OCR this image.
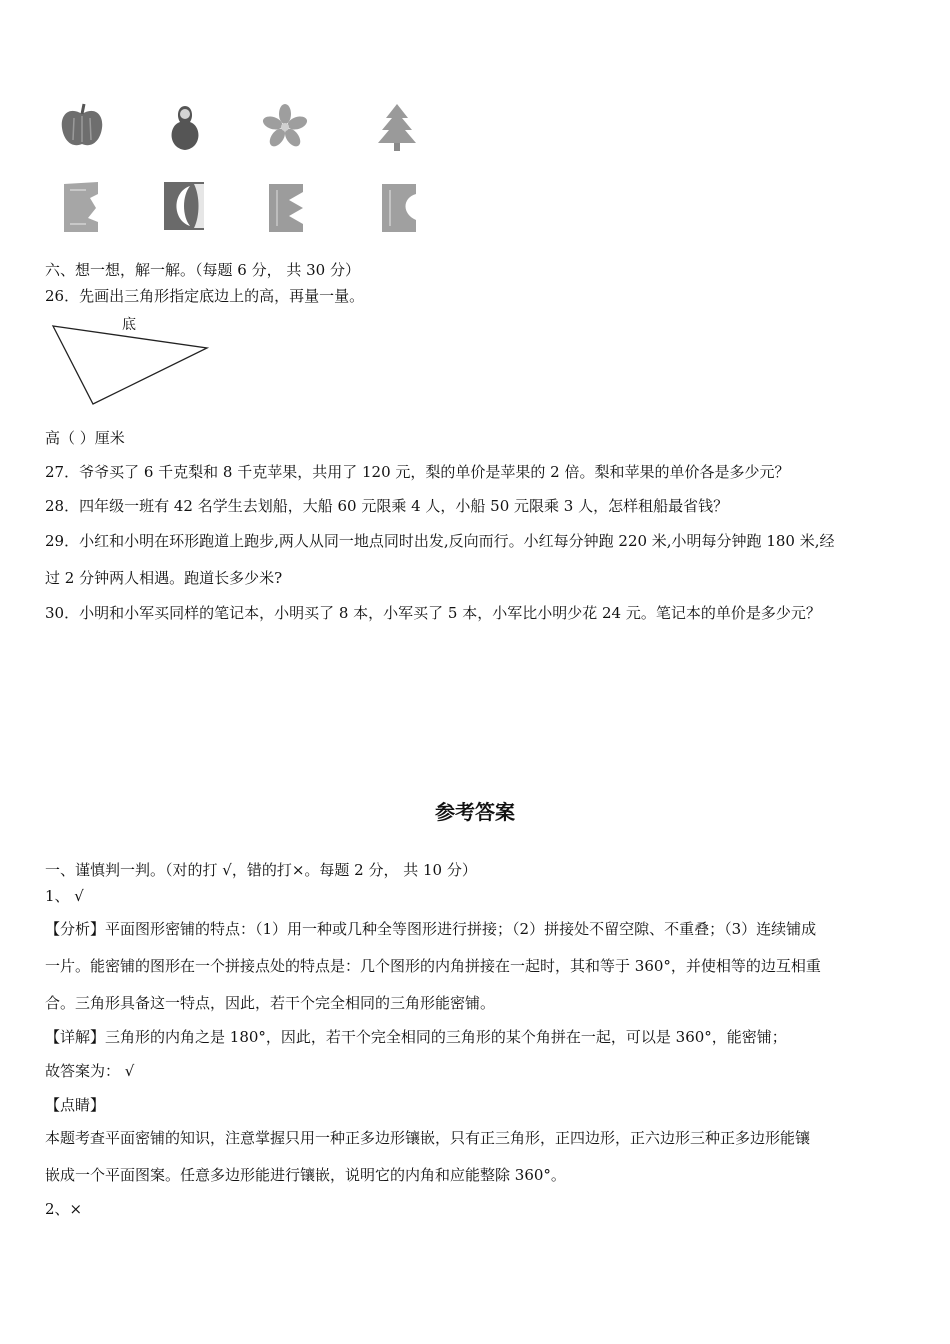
六、想一想，解一解。（每题 6 分， 共 30 分）
26．先画出三角形指定底边上的高，再量一量。
底
高（ ）厘米
27．爷爷买了 6 千克梨和 8 千克苹果，共用了 120 元，梨的单价是苹果的 2 倍。梨和苹果的单价各是多少元？
28．四年级一班有 42 名学生去划船，大船 60 元限乘 4 人，小船 50 元限乘 3 人，怎样租船最省钱？
29．小红和小明在环形跑道上跑步,两人从同一地点同时出发,反向而行。小红每分钟跑 220 米,小明每分钟跑 180 米,经
过 2 分钟两人相遇。跑道长多少米?
30．小明和小军买同样的笔记本，小明买了 8 本，小军买了 5 本，小军比小明少花 24 元。笔记本的单价是多少元？
参考答案
一、谨慎判一判。（对的打 √，错的打×。每题 2 分， 共 10 分）
1、 √
【分析】平面图形密铺的特点：（1）用一种或几种全等图形进行拼接；（2）拼接处不留空隙、不重叠；（3）连续铺成
一片。能密铺的图形在一个拼接点处的特点是：几个图形的内角拼接在一起时，其和等于 360°，并使相等的边互相重
合。三角形具备这一特点，因此，若干个完全相同的三角形能密铺。
【详解】三角形的内角之是 180°，因此，若干个完全相同的三角形的某个角拼在一起，可以是 360°，能密铺；
故答案为： √
【点睛】
本题考查平面密铺的知识，注意掌握只用一种正多边形镶嵌，只有正三角形，正四边形，正六边形三种正多边形能镶
嵌成一个平面图案。任意多边形能进行镶嵌，说明它的内角和应能整除 360°。
2、×
